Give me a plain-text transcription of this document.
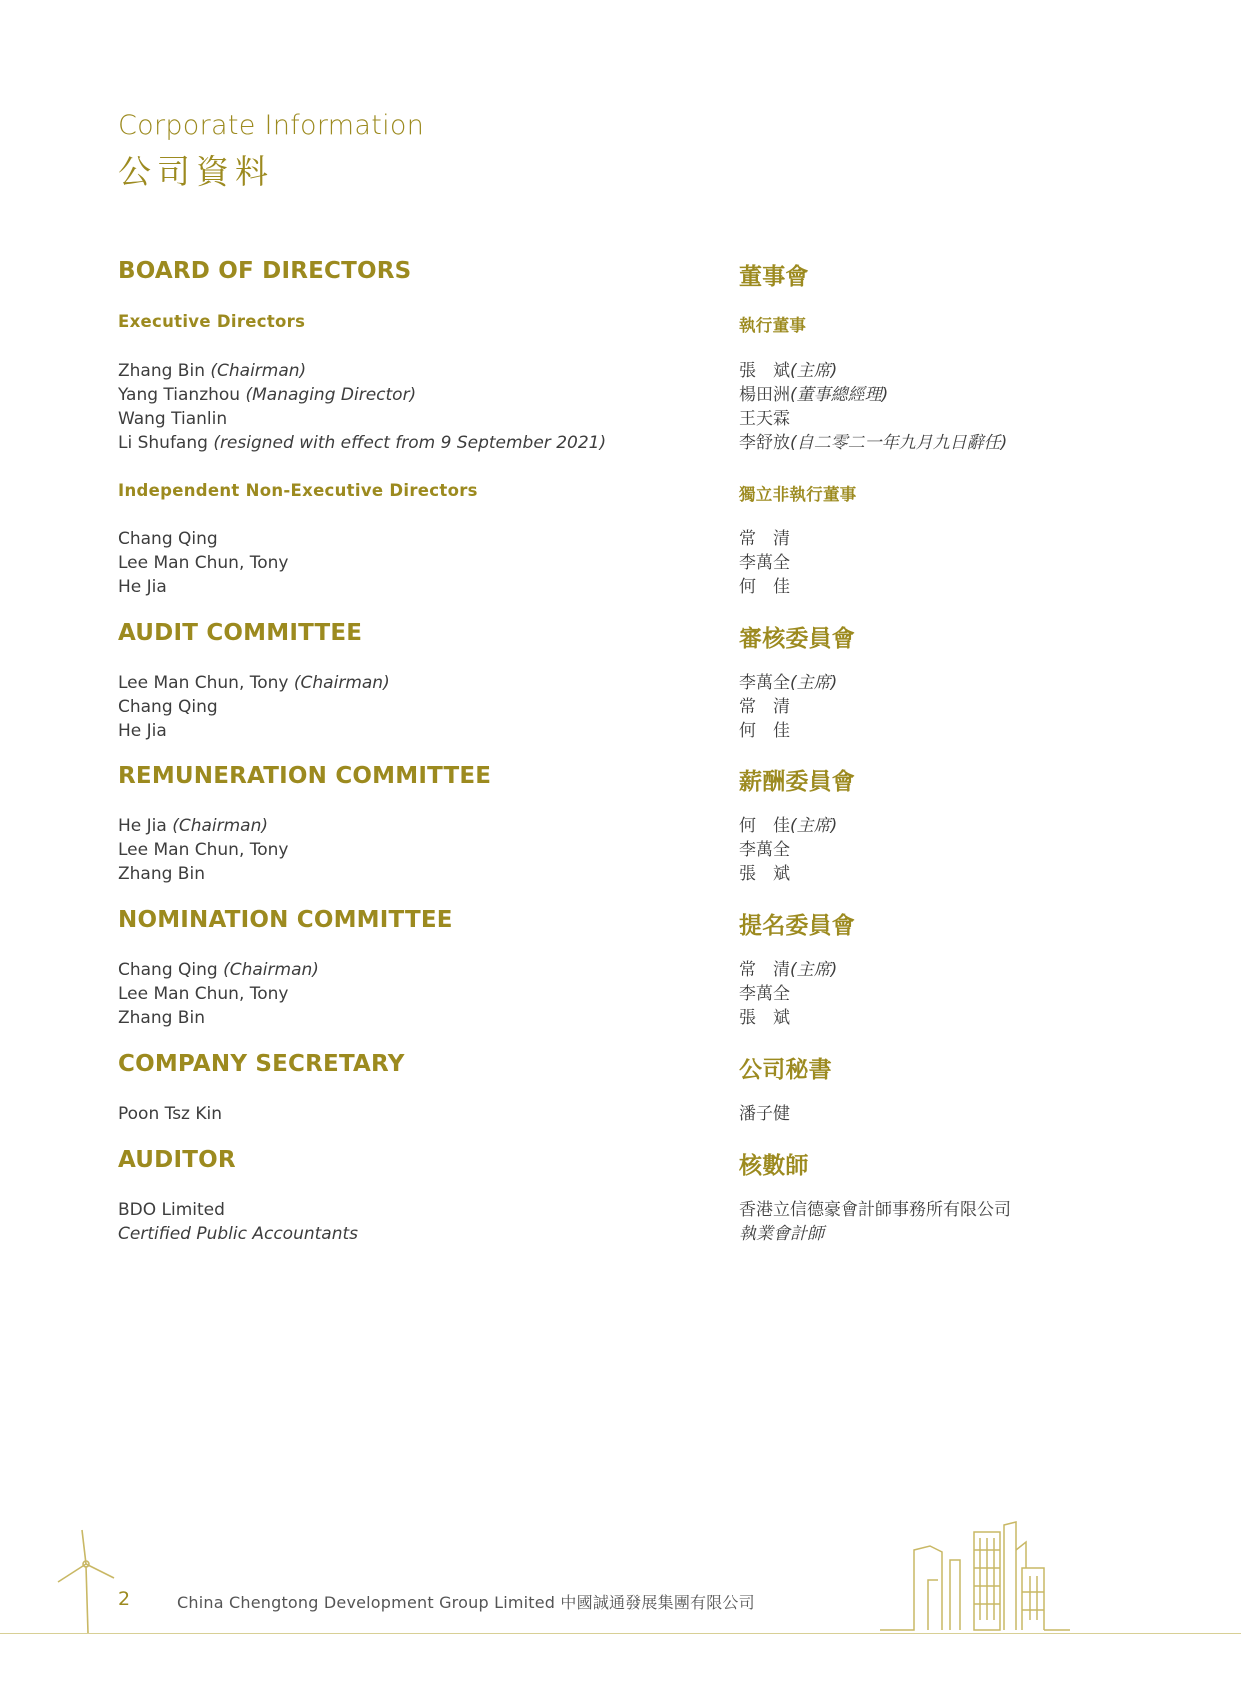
Corporate Information
公司資料
BOARD OF DIRECTORS
Executive Directors
Zhang Bin (Chairman)
Yang Tianzhou (Managing Director)
Wang Tianlin
Li Shufang (resigned with effect from 9 September 2021)
Independent Non-Executive Directors
Chang Qing
Lee Man Chun, Tony
He Jia
AUDIT COMMITTEE
Lee Man Chun, Tony (Chairman)
Chang Qing
He Jia
REMUNERATION COMMITTEE
He Jia (Chairman)
Lee Man Chun, Tony
Zhang Bin
NOMINATION COMMITTEE
Chang Qing (Chairman)
Lee Man Chun, Tony
Zhang Bin
COMPANY SECRETARY
Poon Tsz Kin
AUDITOR
BDO Limited
Certified Public Accountants
董事會
執行董事
張　斌(主席)
楊田洲(董事總經理)
王天霖
李舒放(自二零二一年九月九日辭任)
獨立非執行董事
常　清
李萬全
何　佳
審核委員會
李萬全(主席)
常　清
何　佳
薪酬委員會
何　佳(主席)
李萬全
張　斌
提名委員會
常　清(主席)
李萬全
張　斌
公司秘書
潘子健
核數師
香港立信德豪會計師事務所有限公司
執業會計師
2	China Chengtong Development Group Limited 中國誠通發展集團有限公司
